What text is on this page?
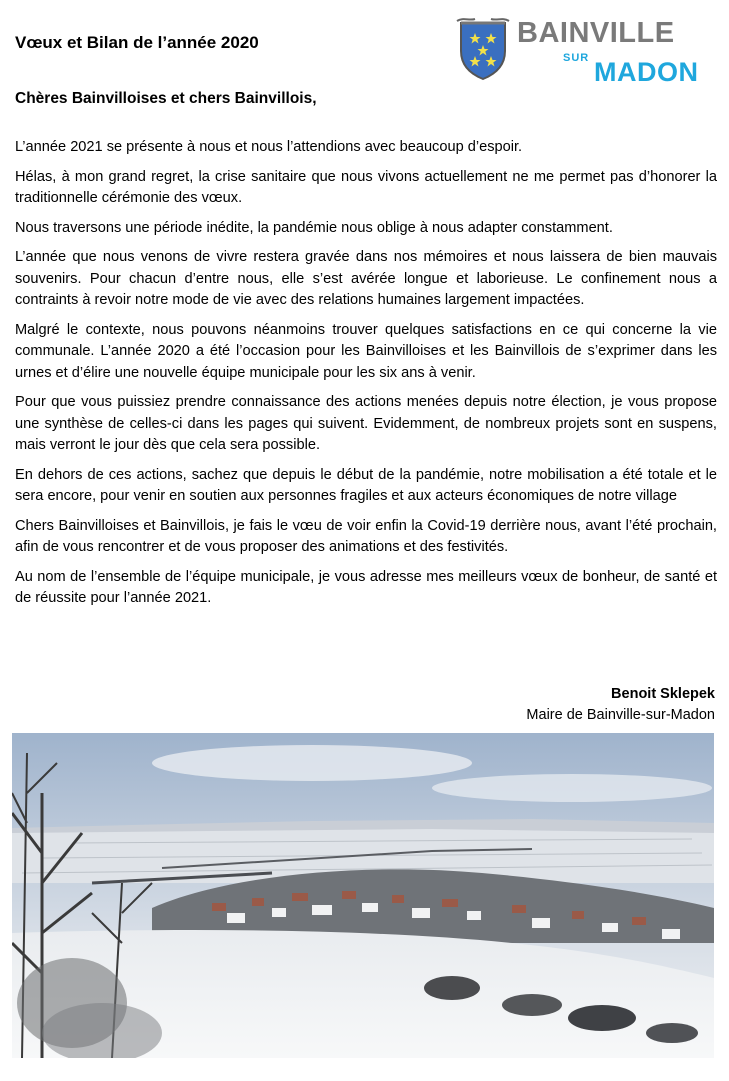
Vœux et Bilan de l’année 2020	BAINVILLE
SUR MADON
Chères Bainvilloises et chers Bainvillois,

L’année 2021 se présente à nous et nous l’attendions avec beaucoup d’espoir.

Hélas, à mon grand regret, la crise sanitaire que nous vivons actuellement ne me permet pas d’honorer la traditionnelle cérémonie des vœux.

Nous traversons une période inédite, la pandémie nous oblige à nous adapter constamment.

L’année que nous venons de vivre restera gravée dans nos mémoires et nous laissera de bien mauvais souvenirs. Pour chacun d’entre nous, elle s’est avérée longue et laborieuse. Le confinement nous a contraints à revoir notre mode de vie avec des relations humaines largement impactées.

Malgré le contexte, nous pouvons néanmoins trouver quelques satisfactions en ce qui concerne la vie communale. L’année 2020 a été l’occasion pour les Bainvilloises et les Bainvillois de s’exprimer dans les urnes et d’élire une nouvelle équipe municipale pour les six ans à venir.

Pour que vous puissiez prendre connaissance des actions menées depuis notre élection, je vous propose une synthèse de celles-ci dans les pages qui suivent. Evidemment, de nombreux projets sont en suspens, mais verront le jour dès que cela sera possible.

En dehors de ces actions, sachez que depuis le début de la pandémie, notre mobilisation a été totale et le sera encore, pour venir en soutien aux personnes fragiles et aux acteurs économiques de notre village

Chers Bainvilloises et Bainvillois, je fais le vœu de voir enfin la Covid-19 derrière nous, avant l’été prochain, afin de vous rencontrer et de vous proposer des animations et des festivités.

Au nom de l’ensemble de l’équipe municipale, je vous adresse mes meilleurs vœux de bonheur, de santé et de réussite pour l’année 2021.

Benoit Sklepek
Maire de Bainville-sur-Madon
